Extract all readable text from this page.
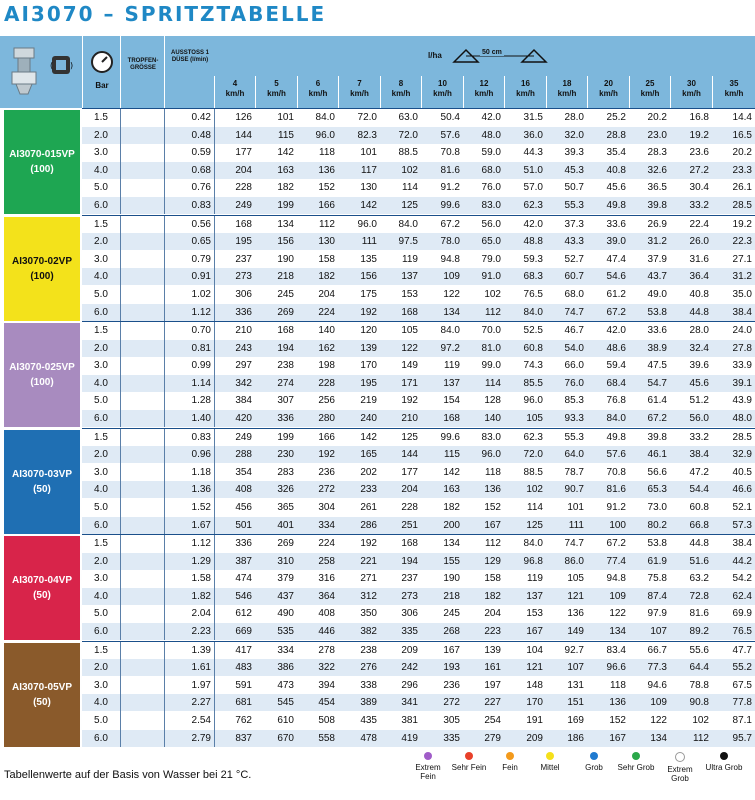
AI3070 – SPRITZTABELLE
( )
Bar
TROPFEN-GRÖSSE
AUSSTOSS 1 DÜSE (l/min)	l/ha	50 cm
4
km/h
5
km/h
6
km/h
7
km/h
8
km/h
10
km/h
12
km/h
16
km/h
18
km/h
20
km/h
25
km/h
30
km/h
35
km/h
AI3070-015VP
(100)
1.5	0.42	126	101	84.0	72.0	63.0	50.4	42.0	31.5	28.0	25.2	20.2	16.8	14.4
2.0	0.48	144	115	96.0	82.3	72.0	57.6	48.0	36.0	32.0	28.8	23.0	19.2	16.5
3.0	0.59	177	142	118	101	88.5	70.8	59.0	44.3	39.3	35.4	28.3	23.6	20.2
4.0	0.68	204	163	136	117	102	81.6	68.0	51.0	45.3	40.8	32.6	27.2	23.3
5.0	0.76	228	182	152	130	114	91.2	76.0	57.0	50.7	45.6	36.5	30.4	26.1
6.0	0.83	249	199	166	142	125	99.6	83.0	62.3	55.3	49.8	39.8	33.2	28.5
AI3070-02VP
(100)
1.5	0.56	168	134	112	96.0	84.0	67.2	56.0	42.0	37.3	33.6	26.9	22.4	19.2
2.0	0.65	195	156	130	111	97.5	78.0	65.0	48.8	43.3	39.0	31.2	26.0	22.3
3.0	0.79	237	190	158	135	119	94.8	79.0	59.3	52.7	47.4	37.9	31.6	27.1
4.0	0.91	273	218	182	156	137	109	91.0	68.3	60.7	54.6	43.7	36.4	31.2
5.0	1.02	306	245	204	175	153	122	102	76.5	68.0	61.2	49.0	40.8	35.0
6.0	1.12	336	269	224	192	168	134	112	84.0	74.7	67.2	53.8	44.8	38.4
AI3070-025VP
(100)
1.5	0.70	210	168	140	120	105	84.0	70.0	52.5	46.7	42.0	33.6	28.0	24.0
2.0	0.81	243	194	162	139	122	97.2	81.0	60.8	54.0	48.6	38.9	32.4	27.8
3.0	0.99	297	238	198	170	149	119	99.0	74.3	66.0	59.4	47.5	39.6	33.9
4.0	1.14	342	274	228	195	171	137	114	85.5	76.0	68.4	54.7	45.6	39.1
5.0	1.28	384	307	256	219	192	154	128	96.0	85.3	76.8	61.4	51.2	43.9
6.0	1.40	420	336	280	240	210	168	140	105	93.3	84.0	67.2	56.0	48.0
AI3070-03VP
(50)
1.5	0.83	249	199	166	142	125	99.6	83.0	62.3	55.3	49.8	39.8	33.2	28.5
2.0	0.96	288	230	192	165	144	115	96.0	72.0	64.0	57.6	46.1	38.4	32.9
3.0	1.18	354	283	236	202	177	142	118	88.5	78.7	70.8	56.6	47.2	40.5
4.0	1.36	408	326	272	233	204	163	136	102	90.7	81.6	65.3	54.4	46.6
5.0	1.52	456	365	304	261	228	182	152	114	101	91.2	73.0	60.8	52.1
6.0	1.67	501	401	334	286	251	200	167	125	111	100	80.2	66.8	57.3
AI3070-04VP
(50)
1.5	1.12	336	269	224	192	168	134	112	84.0	74.7	67.2	53.8	44.8	38.4
2.0	1.29	387	310	258	221	194	155	129	96.8	86.0	77.4	61.9	51.6	44.2
3.0	1.58	474	379	316	271	237	190	158	119	105	94.8	75.8	63.2	54.2
4.0	1.82	546	437	364	312	273	218	182	137	121	109	87.4	72.8	62.4
5.0	2.04	612	490	408	350	306	245	204	153	136	122	97.9	81.6	69.9
6.0	2.23	669	535	446	382	335	268	223	167	149	134	107	89.2	76.5
AI3070-05VP
(50)
1.5	1.39	417	334	278	238	209	167	139	104	92.7	83.4	66.7	55.6	47.7
2.0	1.61	483	386	322	276	242	193	161	121	107	96.6	77.3	64.4	55.2
3.0	1.97	591	473	394	338	296	236	197	148	131	118	94.6	78.8	67.5
4.0	2.27	681	545	454	389	341	272	227	170	151	136	109	90.8	77.8
5.0	2.54	762	610	508	435	381	305	254	191	169	152	122	102	87.1
6.0	2.79	837	670	558	478	419	335	279	209	186	167	134	112	95.7
Tabellenwerte auf der Basis von Wasser bei 21 °C.
Extrem Fein
Sehr Fein	Fein	Mittel	Grob	Sehr Grob	Extrem Grob
Ultra Grob
